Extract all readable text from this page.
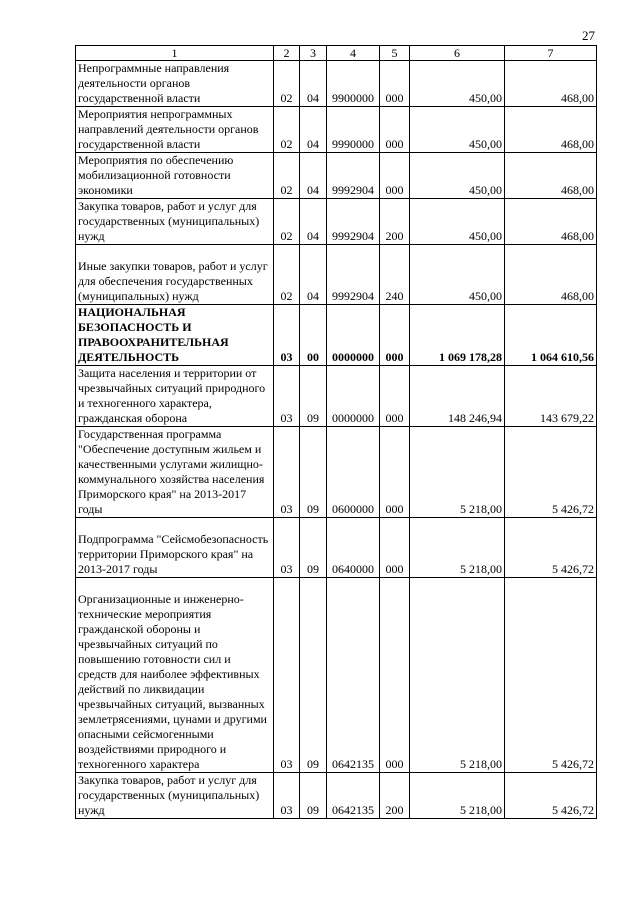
27
1	2	3	4	5	6	7
Непрограммные направления деятельности органов государственной власти	02	04	9900000	000	450,00	468,00
Мероприятия непрограммных направлений деятельности органов государственной власти	02	04	9990000	000	450,00	468,00
Мероприятия по обеспечению мобилизационной готовности экономики	02	04	9992904	000	450,00	468,00
Закупка товаров, работ и услуг для государственных (муниципальных) нужд	02	04	9992904	200	450,00	468,00
Иные закупки товаров, работ и услуг для обеспечения государственных (муниципальных) нужд	02	04	9992904	240	450,00	468,00
НАЦИОНАЛЬНАЯ БЕЗОПАСНОСТЬ И ПРАВООХРАНИТЕЛЬНАЯ ДЕЯТЕЛЬНОСТЬ	03	00	0000000	000	1 069 178,28	1 064 610,56
Защита населения и территории от чрезвычайных ситуаций природного и техногенного характера, гражданская оборона	03	09	0000000	000	148 246,94	143 679,22
Государственная программа "Обеспечение доступным жильем и качественными услугами жилищно-коммунального хозяйства населения Приморского края" на 2013-2017 годы	03	09	0600000	000	5 218,00	5 426,72
Подпрограмма "Сейсмобезопасность территории Приморского края" на 2013-2017 годы	03	09	0640000	000	5 218,00	5 426,72
Организационные и инженерно-технические мероприятия гражданской обороны и чрезвычайных ситуаций по повышению готовности сил и средств для наиболее эффективных действий по ликвидации чрезвычайных ситуаций, вызванных землетрясениями, цунами и другими опасными сейсмогенными воздействиями природного и техногенного характера	03	09	0642135	000	5 218,00	5 426,72
Закупка товаров, работ и услуг для государственных (муниципальных) нужд	03	09	0642135	200	5 218,00	5 426,72
